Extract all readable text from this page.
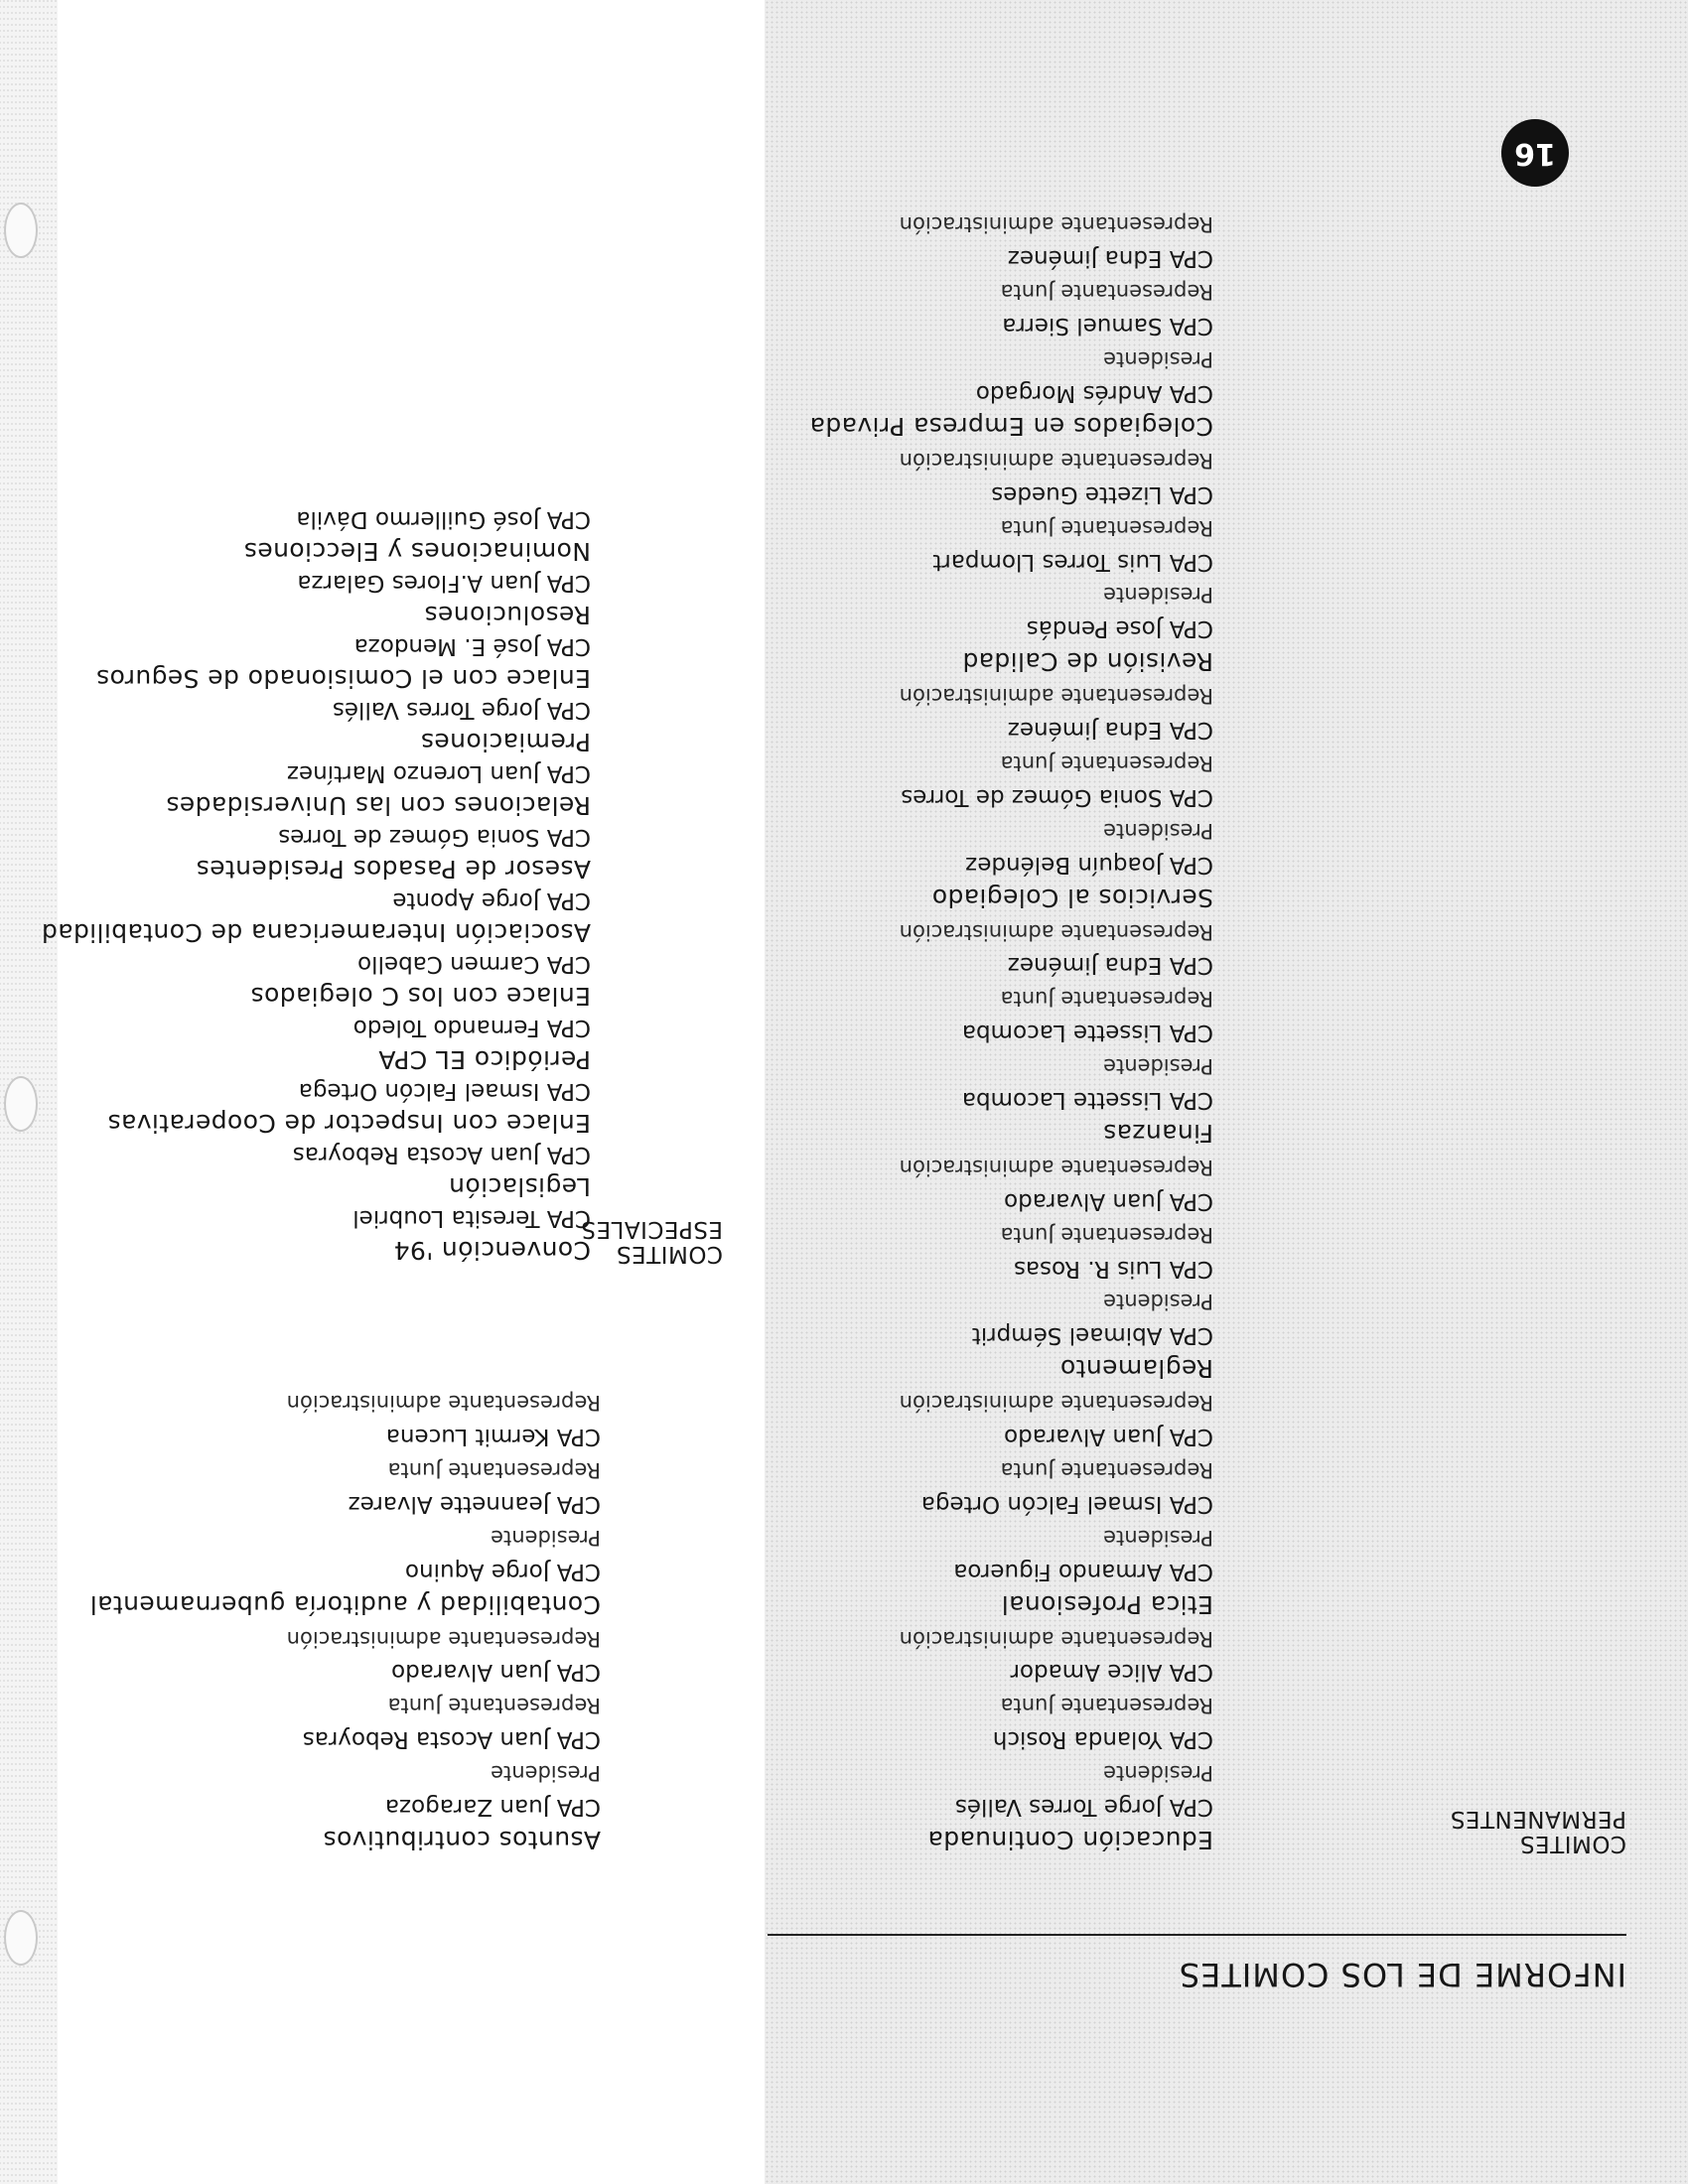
16
INFORME DE LOS COMITES
COMITES
PERMANENTES
Educación Continuada
CPA Jorge Torres Vallés
Presidente
CPA Yolanda Rosich
Representante Junta
CPA Alice Amador
Representante administración
Etica Profesional
CPA Armando Figueroa
Presidente
CPA Ismael Falcón Ortega
Representante Junta
CPA Juan Alvarado
Representante administración
Reglamento
CPA Abimael Sémprit
Presidente
CPA Luis R. Rosas
Representante Junta
CPA Juan Alvarado
Representante administración
Finanzas
CPA Lissette Lacomba
Presidente
CPA Lissette Lacomba
Representante Junta
CPA Edna Jiménez
Representante administración
Servicios al Colegiado
CPA Joaquín Beléndez
Presidente
CPA Sonia Gómez de Torres
Representante Junta
CPA Edna Jiménez
Representante administración
Revisión de Calidad
CPA Jose Pendás
Presidente
CPA Luis Torres Llompart
Representante Junta
CPA Lizette Guedes
Representante administración
Colegiados en Empresa Privada
CPA Andrés Morgado
Presidente
CPA Samuel Sierra
Representante Junta
CPA Edna Jiménez
Representante administración
Asuntos contributivos
CPA Juan Zaragoza
Presidente
CPA Juan Acosta Reboyras
Representante Junta
CPA Juan Alvarado
Representante administración
Contabilidad y auditoría gubernamental
CPA Jorge Aquino
Presidente
CPA Jeannette Alvarez
Representante Junta
CPA Kermit Lucena
Representante administración
COMITES
ESPECIALES
Convención '94
CPA Teresita Loubriel
Legislación
CPA Juan Acosta Reboyras
Enlace con Inspector de Cooperativas
CPA Ismael Falcón Ortega
Periódico EL CPA
CPA Fernando Toledo
Enlace con los C olegiados
CPA Carmen Cabello
Asociación Interamericana de Contabilidad
CPA Jorge Aponte
Asesor de Pasados Presidentes
CPA Sonia Gómez de Torres
Relaciones con las Universidades
CPA Juan Lorenzo Martínez
Premiaciones
CPA Jorge Torres Vallés
Enlace con el Comisionado de Seguros
CPA José E. Mendoza
Resoluciones
CPA Juan A.Flores Galarza
Nominaciones y Elecciones
CPA José Guillermo Dávila
